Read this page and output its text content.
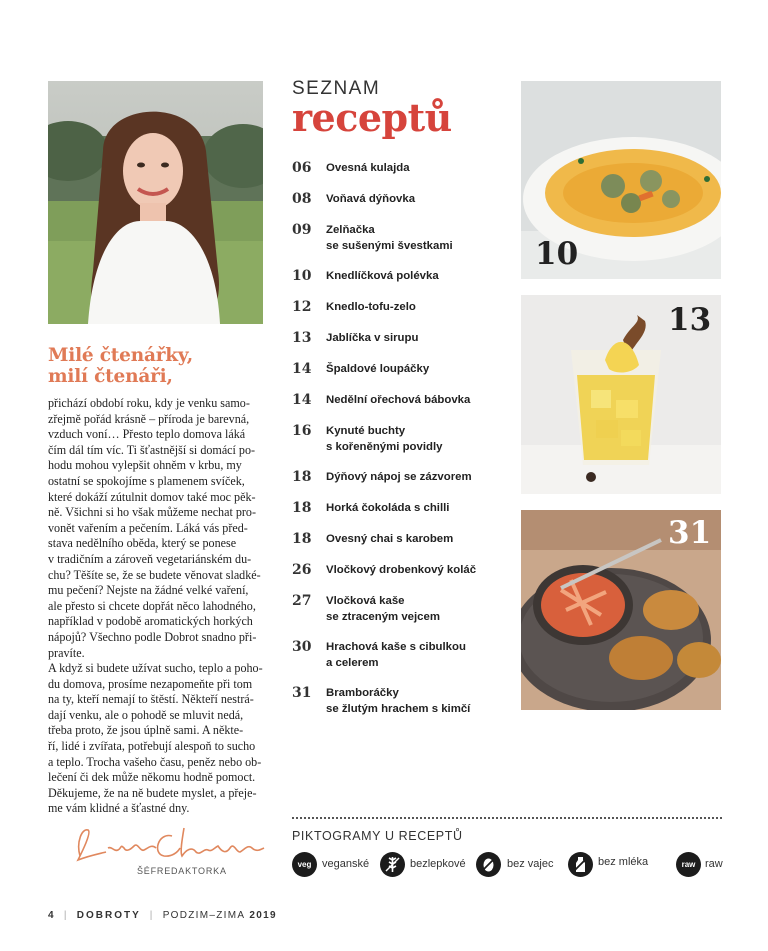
Milé čtenářky,
milí čtenáři,

přichází období roku, kdy je venku samo-
zřejmě pořád krásně – příroda je barevná,
vzduch voní… Přesto teplo domova láká
čím dál tím víc. Ti šťastnější si domácí po-
hodu mohou vylepšit ohněm v krbu, my
ostatní se spokojíme s plamenem svíček,
které dokáží zútulnit domov také moc pěk-
ně. Všichni si ho však můžeme nechat pro-
vonět vařením a pečením. Láká vás před-
stava nedělního oběda, který se ponese
v tradičním a zároveň vegetariánském du-
chu? Těšíte se, že se budete věnovat sladké-
mu pečení? Nejste na žádné velké vaření,
ale přesto si chcete dopřát něco lahodného,
například v podobě aromatických horkých
nápojů? Všechno podle Dobrot snadno při-
pravíte.

A když si budete užívat sucho, teplo a poho-
du domova, prosíme nezapomeňte při tom
na ty, kteří nemají to štěstí. Někteří nestrá-
dají venku, ale o pohodě se mluvit nedá,
třeba proto, že jsou úplně sami. A někte-
ří, lidé i zvířata, potřebují alespoň to sucho
a teplo. Trocha vašeho času, peněz nebo ob-
lečení či dek může někomu hodně pomoct.
Děkujeme, že na ně budete myslet, a přeje-
me vám klidné a šťastné dny.

Luba Chlumská
ŠÉFREDAKTORKA
SEZNAM
receptů
06 Ovesná kulajda
08 Voňavá dýňovka
09 Zelňačka
se sušenými švestkami
10 Knedlíčková polévka
12 Knedlo-tofu-zelo
13 Jablíčka v sirupu
14 Špaldové loupáčky
14 Nedělní ořechová bábovka
16 Kynuté buchty
s kořeněnými povidly
18 Dýňový nápoj se zázvorem
18 Horká čokoláda s chilli
18 Ovesný chai s karobem
26 Vločkový drobenkový koláč
27 Vločková kaše
se ztraceným vejcem
30 Hrachová kaše s cibulkou
a celerem
31 Bramboráčky
se žlutým hrachem s kimčí
10
13
31
PIKTOGRAMY U RECEPTŮ
veg veganské	bezlepkové	bez vajec	bez mléka	raw raw
4 | DOBROTY | PODZIM–ZIMA 2019
